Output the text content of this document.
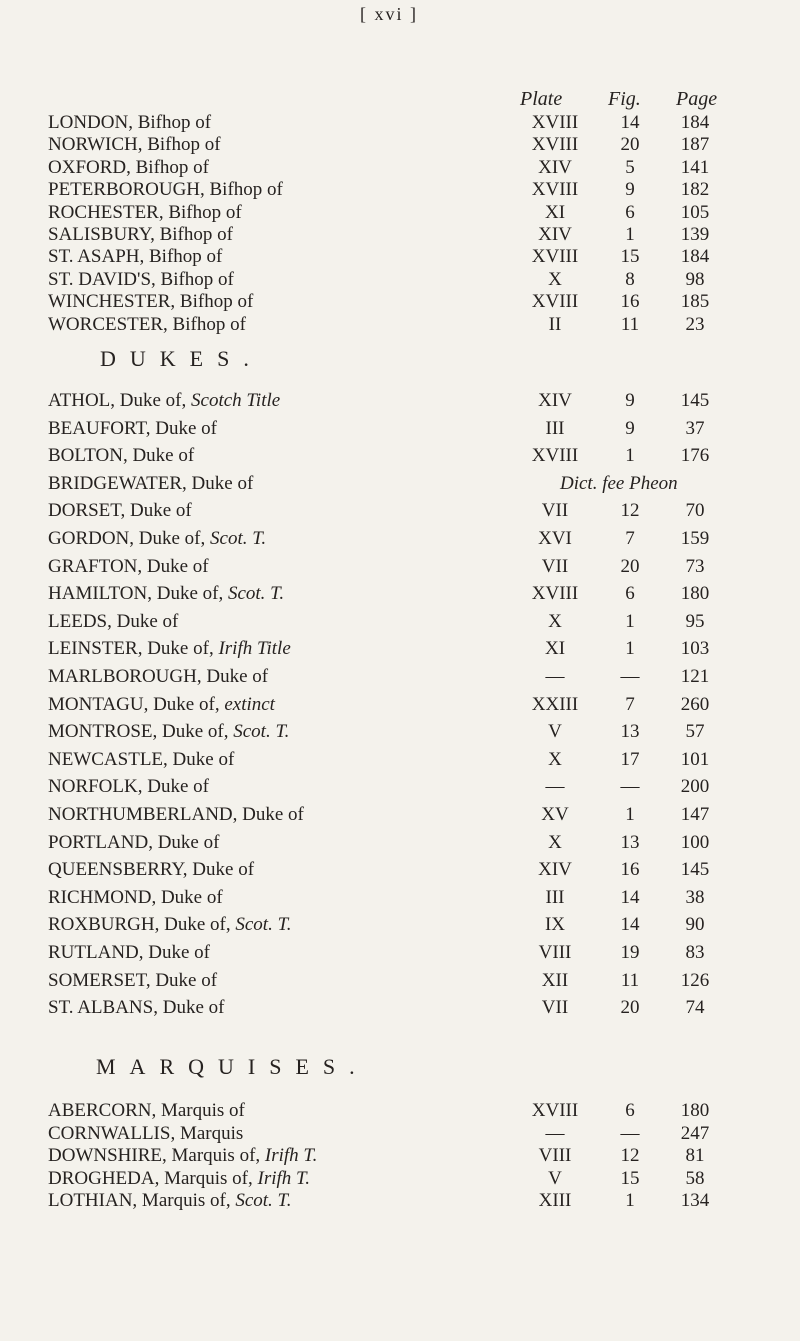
[ xvi ]
Plate Fig. Page
LONDON, Bifhop of	XVIII	14	184
NORWICH, Bifhop of	XVIII	20	187
OXFORD, Bifhop of	XIV	5	141
PETERBOROUGH, Bifhop of	XVIII	9	182
ROCHESTER, Bifhop of	XI	6	105
SALISBURY, Bifhop of	XIV	1	139
ST. ASAPH, Bifhop of	XVIII	15	184
ST. DAVID'S, Bifhop of	X	8	98
WINCHESTER, Bifhop of	XVIII	16	185
WORCESTER, Bifhop of	II	11	23
DUKES.
ATHOL, Duke of, Scotch Title	XIV	9	145
BEAUFORT, Duke of	III	9	37
BOLTON, Duke of	XVIII	1	176
BRIDGEWATER, Duke of	Dict. fee Pheon
DORSET, Duke of	VII	12	70
GORDON, Duke of, Scot. T.	XVI	7	159
GRAFTON, Duke of	VII	20	73
HAMILTON, Duke of, Scot. T.	XVIII	6	180
LEEDS, Duke of	X	1	95
LEINSTER, Duke of, Irifh Title	XI	1	103
MARLBOROUGH, Duke of	—	—	121
MONTAGU, Duke of, extinct	XXIII	7	260
MONTROSE, Duke of, Scot. T.	V	13	57
NEWCASTLE, Duke of	X	17	101
NORFOLK, Duke of	—	—	200
NORTHUMBERLAND, Duke of	XV	1	147
PORTLAND, Duke of	X	13	100
QUEENSBERRY, Duke of	XIV	16	145
RICHMOND, Duke of	III	14	38
ROXBURGH, Duke of, Scot. T.	IX	14	90
RUTLAND, Duke of	VIII	19	83
SOMERSET, Duke of	XII	11	126
ST. ALBANS, Duke of	VII	20	74
MARQUISES.
ABERCORN, Marquis of	XVIII	6	180
CORNWALLIS, Marquis	—	—	247
DOWNSHIRE, Marquis of, Irifh T.	VIII	12	81
DROGHEDA, Marquis of, Irifh T.	V	15	58
LOTHIAN, Marquis of, Scot. T.	XIII	1	134
